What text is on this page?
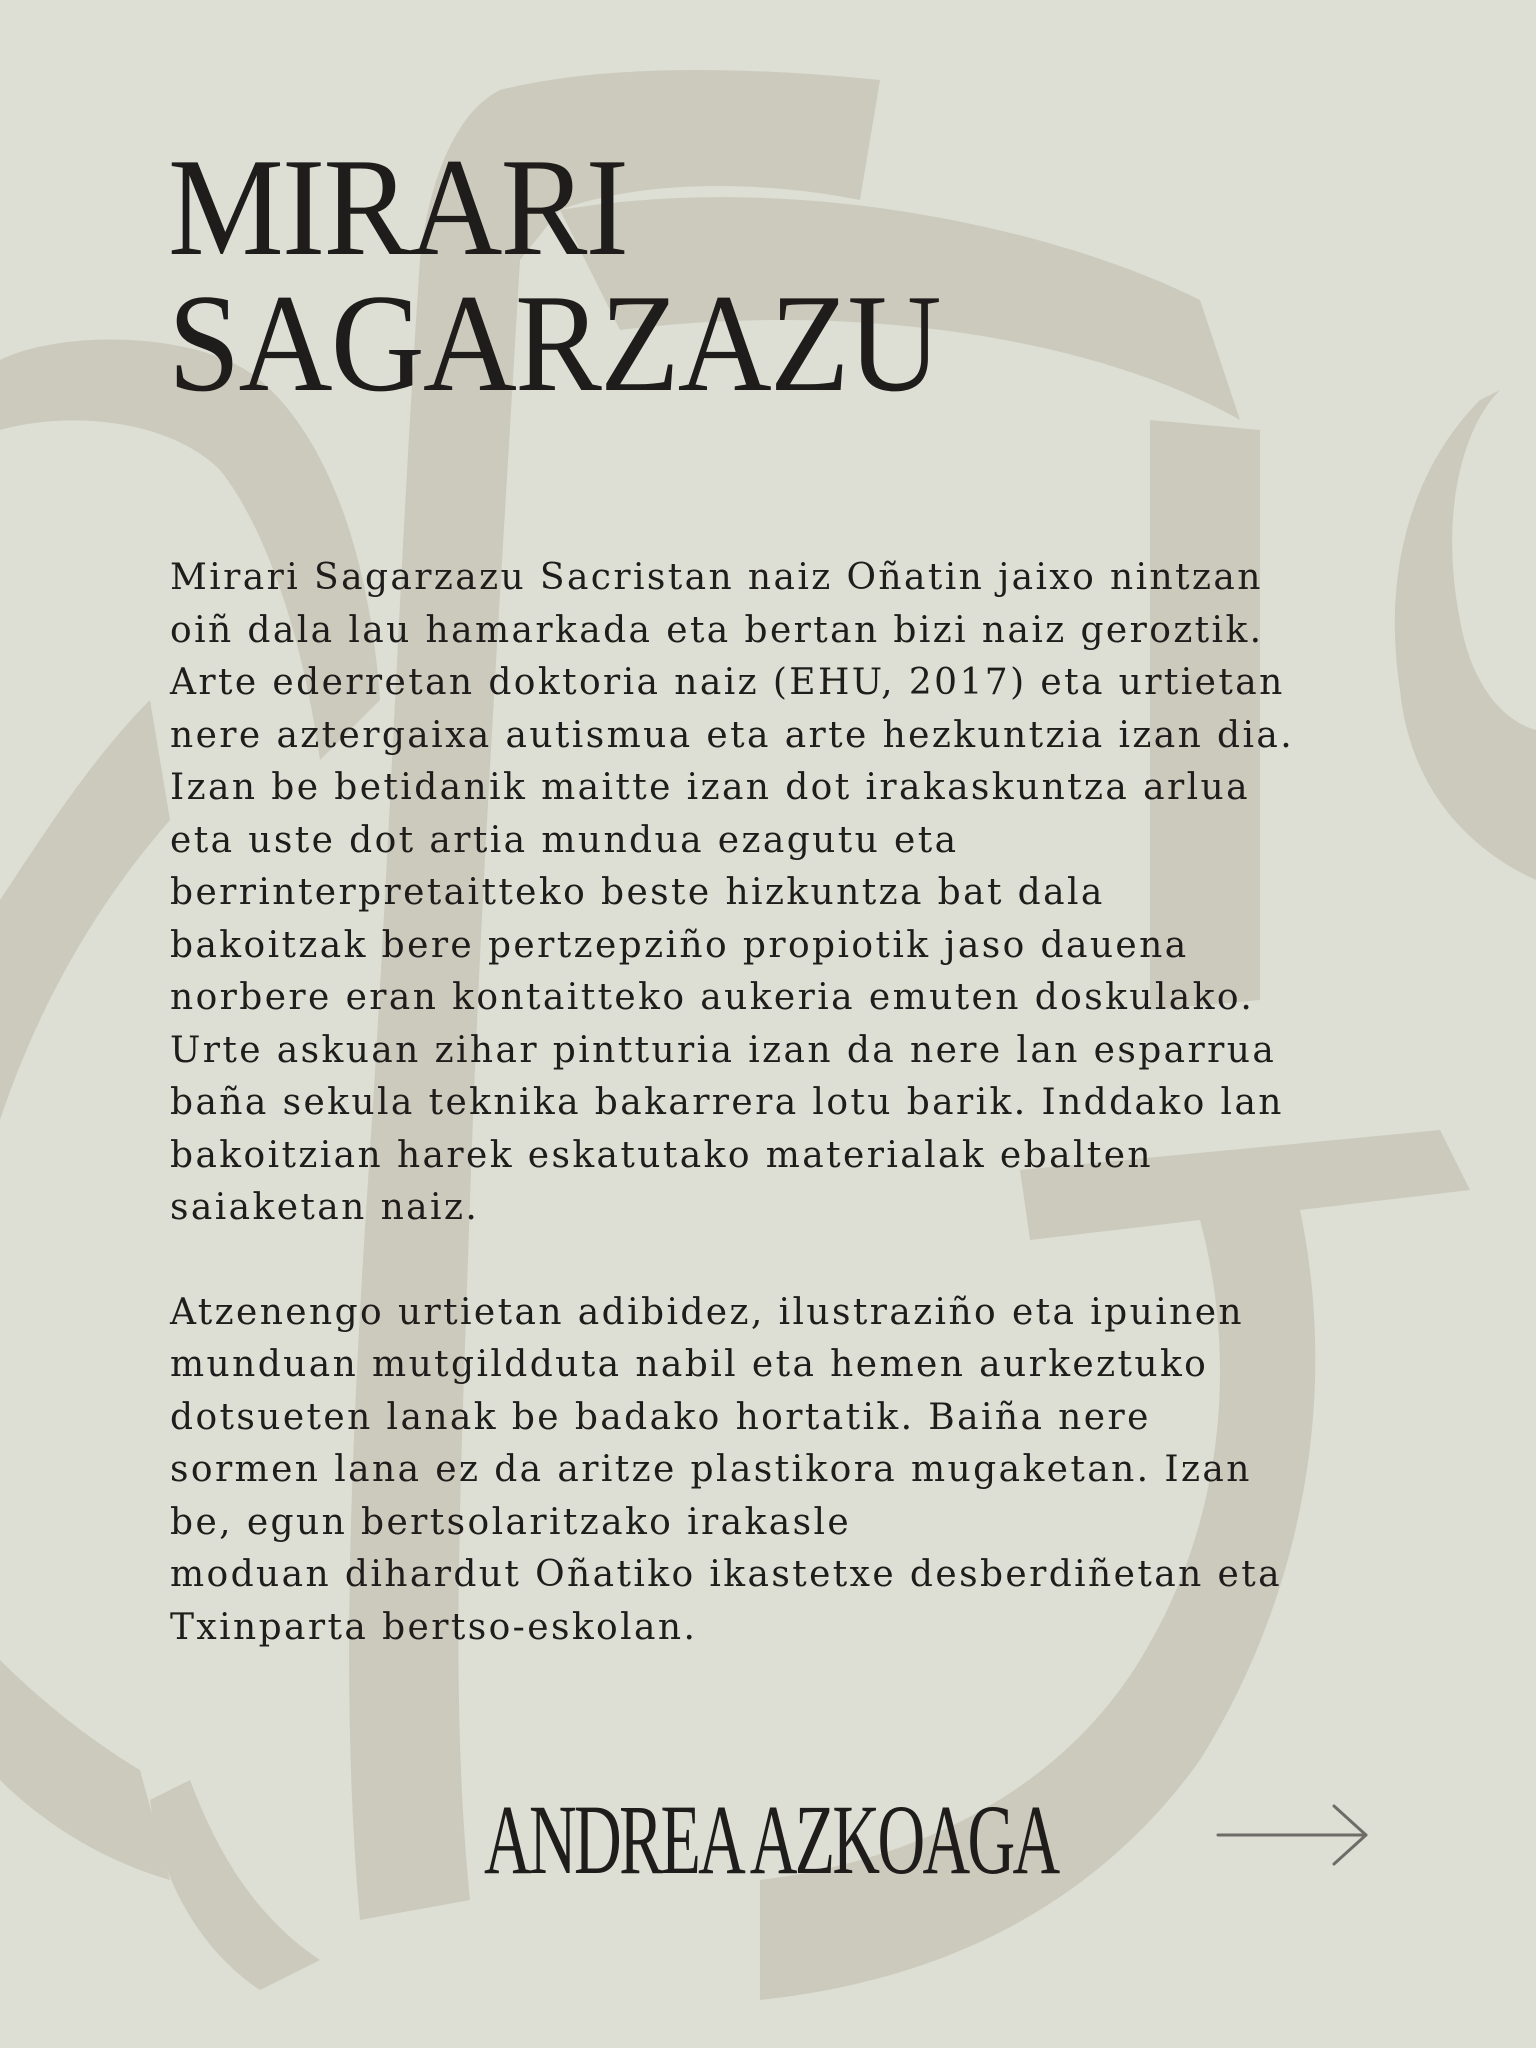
MIRARI
SAGARZAZU

Mirari Sagarzazu Sacristan naiz Oñatin jaixo nintzan

oiñ dala lau hamarkada eta bertan bizi naiz geroztik.

Arte ederretan doktoria naiz (EHU, 2017) eta urtietan

nere aztergaixa autismua eta arte hezkuntzia izan dia.

Izan be betidanik maitte izan dot irakaskuntza arlua

eta uste dot artia mundua ezagutu eta

berrinterpretaitteko beste hizkuntza bat dala

bakoitzak bere pertzepziño propiotik jaso dauena

norbere eran kontaitteko aukeria emuten doskulako.

Urte askuan zihar pintturia izan da nere lan esparrua

baña sekula teknika bakarrera lotu barik. Inddako lan

bakoitzian harek eskatutako materialak ebalten

saiaketan naiz.

Atzenengo urtietan adibidez, ilustraziño eta ipuinen

munduan mutgildduta nabil eta hemen aurkeztuko

dotsueten lanak be badako hortatik. Baiña nere

sormen lana ez da aritze plastikora mugaketan. Izan

be, egun bertsolaritzako irakasle

moduan dihardut Oñatiko ikastetxe desberdiñetan eta

Txinparta bertso-eskolan.

ANDREA AZKOAGA
